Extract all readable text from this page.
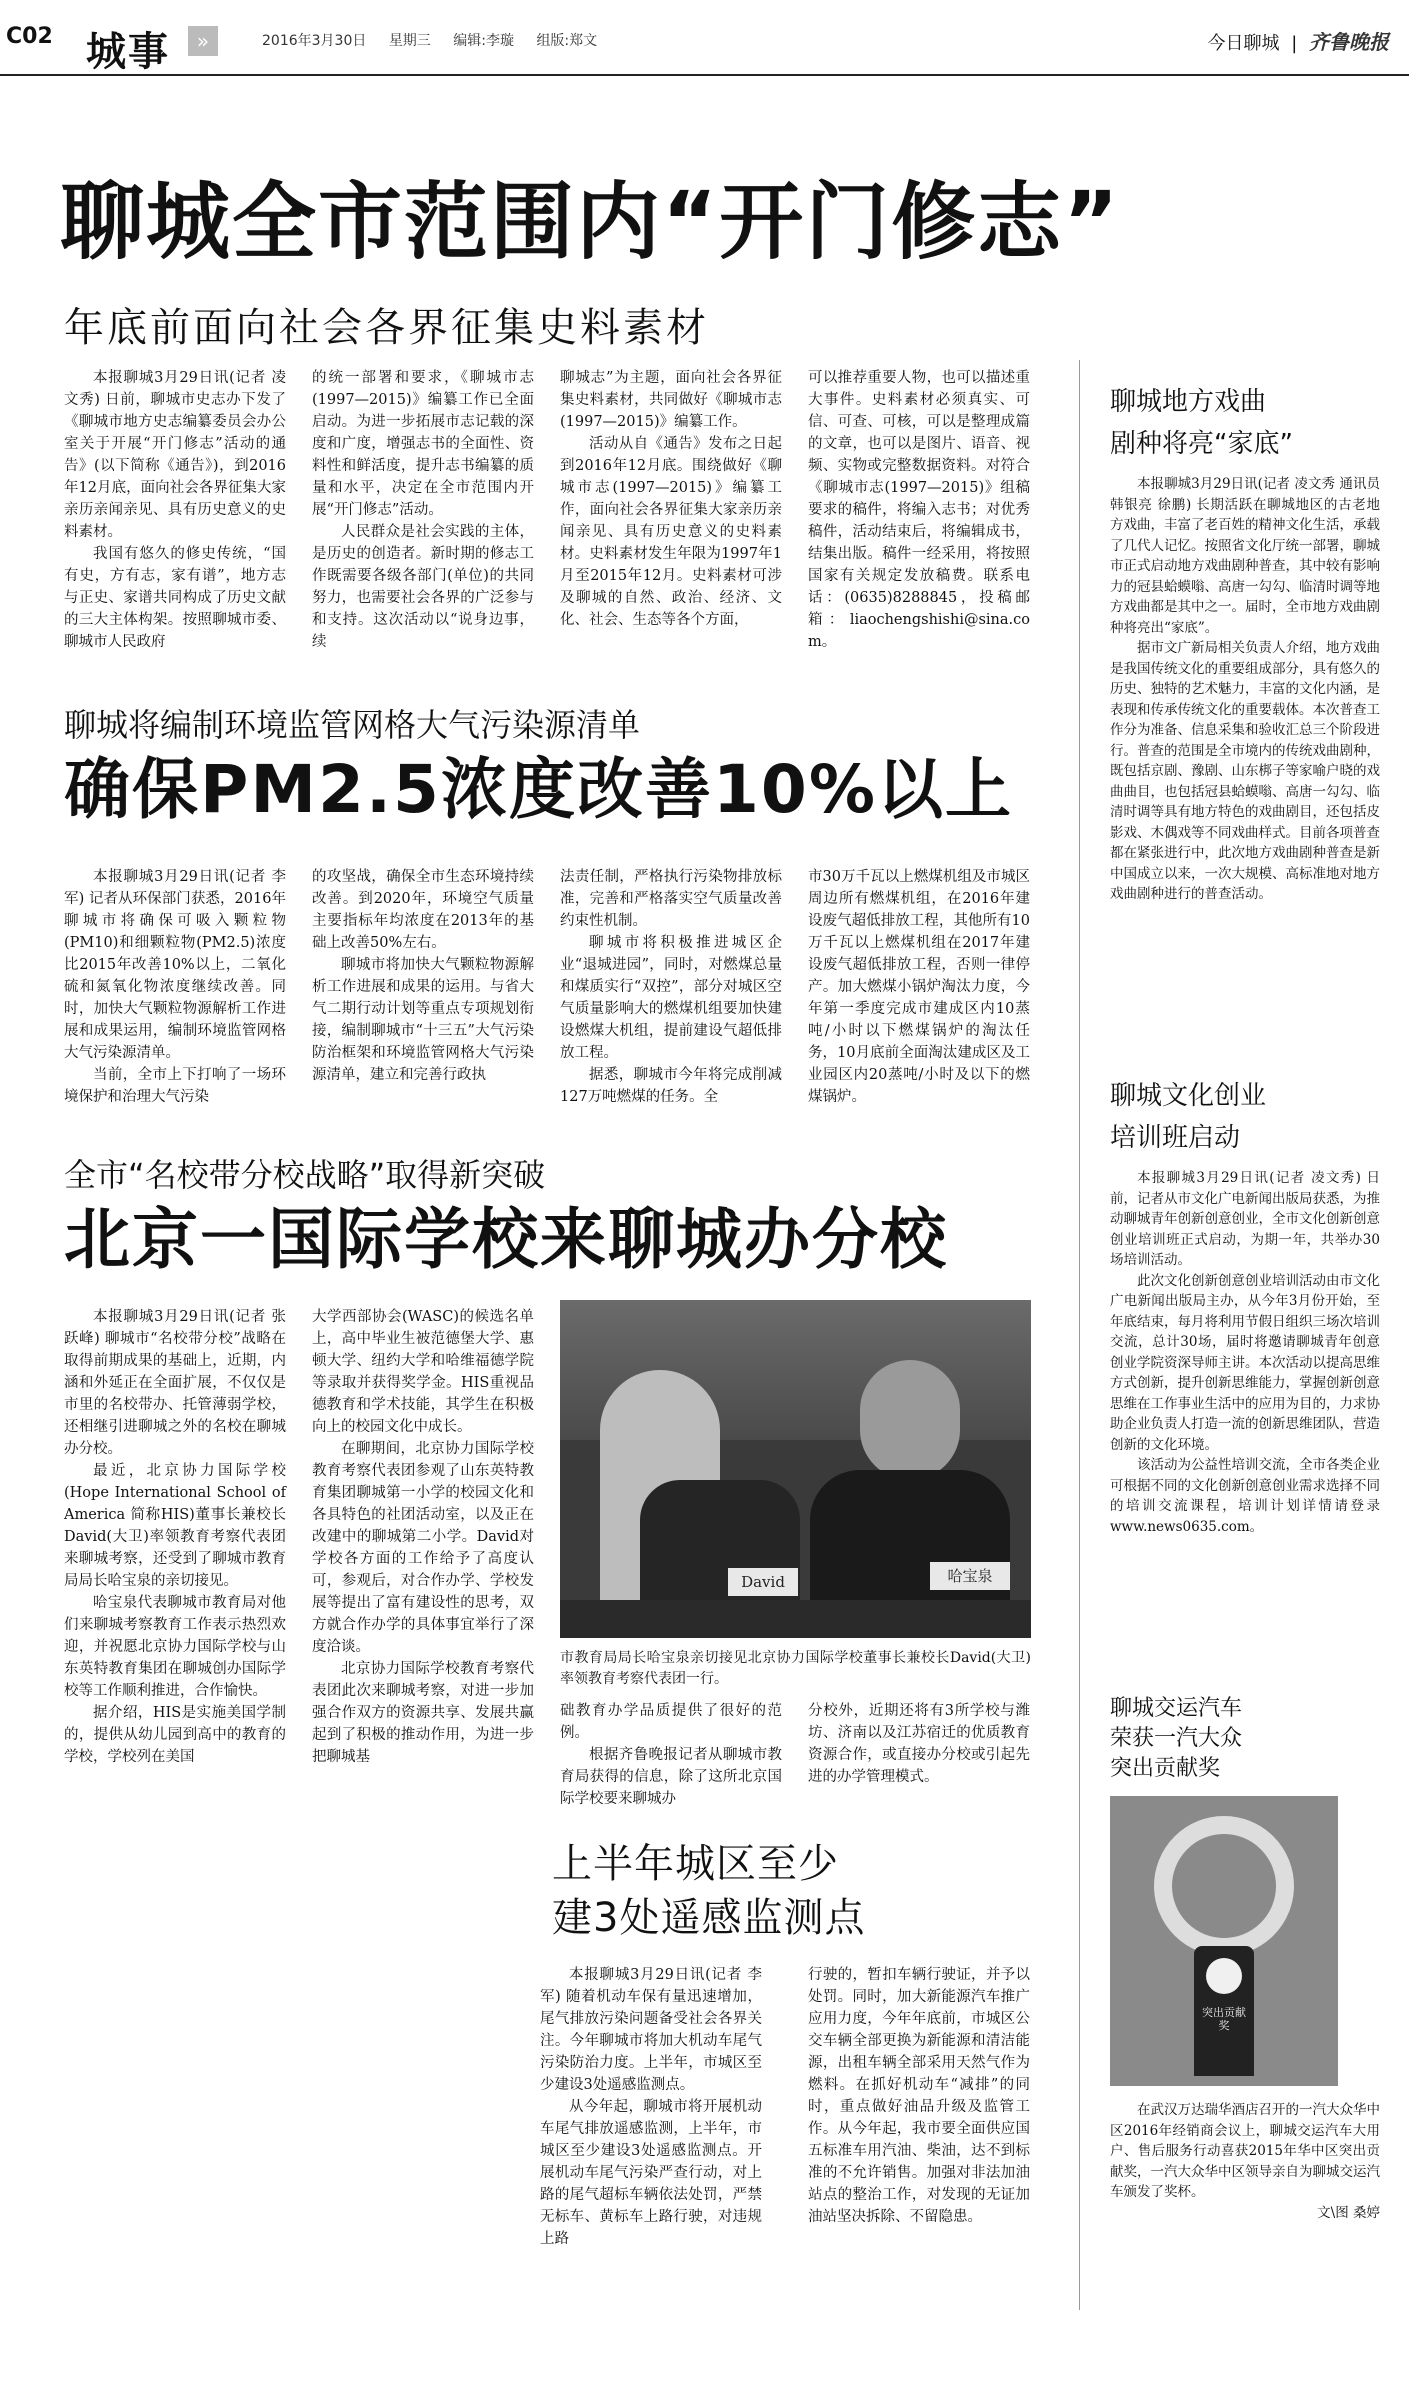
C02 城事	»	2016年3月30日 星期三 编辑:李璇 组版:郑文	今日聊城 | 齐鲁晚报
聊城全市范围内“开门修志”
年底前面向社会各界征集史料素材

本报聊城3月29日讯(记者 凌文秀) 日前，聊城市史志办下发了《聊城市地方史志编纂委员会办公室关于开展“开门修志”活动的通告》(以下简称《通告》)，到2016年12月底，面向社会各界征集大家亲历亲闻亲见、具有历史意义的史料素材。

我国有悠久的修史传统，“国有史，方有志，家有谱”，地方志与正史、家谱共同构成了历史文献的三大主体构架。按照聊城市委、聊城市人民政府

的统一部署和要求，《聊城市志(1997—2015)》编纂工作已全面启动。为进一步拓展市志记载的深度和广度，增强志书的全面性、资料性和鲜活度，提升志书编纂的质量和水平，决定在全市范围内开展“开门修志”活动。

人民群众是社会实践的主体，是历史的创造者。新时期的修志工作既需要各级各部门(单位)的共同努力，也需要社会各界的广泛参与和支持。这次活动以“说身边事，续

聊城志”为主题，面向社会各界征集史料素材，共同做好《聊城市志(1997—2015)》编纂工作。

活动从自《通告》发布之日起到2016年12月底。围绕做好《聊城市志(1997—2015)》编纂工作，面向社会各界征集大家亲历亲闻亲见、具有历史意义的史料素材。史料素材发生年限为1997年1月至2015年12月。史料素材可涉及聊城的自然、政治、经济、文化、社会、生态等各个方面，

可以推荐重要人物，也可以描述重大事件。史料素材必须真实、可信、可查、可核，可以是整理成篇的文章，也可以是图片、语音、视频、实物或完整数据资料。对符合《聊城市志(1997—2015)》组稿要求的稿件，将编入志书；对优秀稿件，活动结束后，将编辑成书，结集出版。稿件一经采用，将按照国家有关规定发放稿费。联系电话：(0635)8288845，投稿邮箱：liaochengshishi@sina.com。

聊城将编制环境监管网格大气污染源清单
确保PM2.5浓度改善10%以上

本报聊城3月29日讯(记者 李军) 记者从环保部门获悉，2016年聊城市将确保可吸入颗粒物(PM10)和细颗粒物(PM2.5)浓度比2015年改善10%以上，二氧化硫和氮氧化物浓度继续改善。同时，加快大气颗粒物源解析工作进展和成果运用，编制环境监管网格大气污染源清单。

当前，全市上下打响了一场环境保护和治理大气污染

的攻坚战，确保全市生态环境持续改善。到2020年，环境空气质量主要指标年均浓度在2013年的基础上改善50%左右。

聊城市将加快大气颗粒物源解析工作进展和成果的运用。与省大气二期行动计划等重点专项规划衔接，编制聊城市“十三五”大气污染防治框架和环境监管网格大气污染源清单，建立和完善行政执

法责任制，严格执行污染物排放标准，完善和严格落实空气质量改善约束性机制。

聊城市将积极推进城区企业“退城进园”，同时，对燃煤总量和煤质实行“双控”，部分对城区空气质量影响大的燃煤机组要加快建设燃煤大机组，提前建设气超低排放工程。

据悉，聊城市今年将完成削减127万吨燃煤的任务。全

市30万千瓦以上燃煤机组及市城区周边所有燃煤机组，在2016年建设废气超低排放工程，其他所有10万千瓦以上燃煤机组在2017年建设废气超低排放工程，否则一律停产。加大燃煤小锅炉淘汰力度，今年第一季度完成市建成区内10蒸吨/小时以下燃煤锅炉的淘汰任务，10月底前全面淘汰建成区及工业园区内20蒸吨/小时及以下的燃煤锅炉。

全市“名校带分校战略”取得新突破
北京一国际学校来聊城办分校

本报聊城3月29日讯(记者 张跃峰) 聊城市“名校带分校”战略在取得前期成果的基础上，近期，内涵和外延正在全面扩展，不仅仅是市里的名校带办、托管薄弱学校，还相继引进聊城之外的名校在聊城办分校。

最近，北京协力国际学校(Hope International School of America 简称HIS)董事长兼校长David(大卫)率领教育考察代表团来聊城考察，还受到了聊城市教育局局长哈宝泉的亲切接见。

哈宝泉代表聊城市教育局对他们来聊城考察教育工作表示热烈欢迎，并祝愿北京协力国际学校与山东英特教育集团在聊城创办国际学校等工作顺利推进，合作愉快。

据介绍，HIS是实施美国学制的，提供从幼儿园到高中的教育的学校，学校列在美国

大学西部协会(WASC)的候选名单上，高中毕业生被范德堡大学、惠顿大学、纽约大学和哈维福德学院等录取并获得奖学金。HIS重视品德教育和学术技能，其学生在积极向上的校园文化中成长。

在聊期间，北京协力国际学校教育考察代表团参观了山东英特教育集团聊城第一小学的校园文化和各具特色的社团活动室，以及正在改建中的聊城第二小学。David对学校各方面的工作给予了高度认可，参观后，对合作办学、学校发展等提出了富有建设性的思考，双方就合作办学的具体事宜举行了深度洽谈。

北京协力国际学校教育考察代表团此次来聊城考察，对进一步加强合作双方的资源共享、发展共赢起到了积极的推动作用，为进一步把聊城基

David	哈宝泉
市教育局局长哈宝泉亲切接见北京协力国际学校董事长兼校长David(大卫)率领教育考察代表团一行。

础教育办学品质提供了很好的范例。

根据齐鲁晚报记者从聊城市教育局获得的信息，除了这所北京国际学校要来聊城办

分校外，近期还将有3所学校与潍坊、济南以及江苏宿迁的优质教育资源合作，或直接办分校或引起先进的办学管理模式。

上半年城区至少
建3处遥感监测点

本报聊城3月29日讯(记者 李军) 随着机动车保有量迅速增加，尾气排放污染问题备受社会各界关注。今年聊城市将加大机动车尾气污染防治力度。上半年，市城区至少建设3处遥感监测点。

从今年起，聊城市将开展机动车尾气排放遥感监测，上半年，市城区至少建设3处遥感监测点。开展机动车尾气污染严查行动，对上路的尾气超标车辆依法处罚，严禁无标车、黄标车上路行驶，对违规上路

行驶的，暂扣车辆行驶证，并予以处罚。同时，加大新能源汽车推广应用力度，今年年底前，市城区公交车辆全部更换为新能源和清洁能源，出租车辆全部采用天然气作为燃料。在抓好机动车“减排”的同时，重点做好油品升级及监管工作。从今年起，我市要全面供应国五标准车用汽油、柴油，达不到标准的不允许销售。加强对非法加油站点的整治工作，对发现的无证加油站坚决拆除、不留隐患。

聊城地方戏曲
剧种将亮“家底”

本报聊城3月29日讯(记者 凌文秀 通讯员 韩银亮 徐鹏) 长期活跃在聊城地区的古老地方戏曲，丰富了老百姓的精神文化生活，承载了几代人记忆。按照省文化厅统一部署，聊城市正式启动地方戏曲剧种普查，其中较有影响力的冠县蛤蟆嗡、高唐一勾勾、临清时调等地方戏曲都是其中之一。届时，全市地方戏曲剧种将亮出“家底”。

据市文广新局相关负责人介绍，地方戏曲是我国传统文化的重要组成部分，具有悠久的历史、独特的艺术魅力，丰富的文化内涵，是表现和传承传统文化的重要载体。本次普查工作分为准备、信息采集和验收汇总三个阶段进行。普查的范围是全市境内的传统戏曲剧种，既包括京剧、豫剧、山东梆子等家喻户晓的戏曲曲目，也包括冠县蛤蟆嗡、高唐一勾勾、临清时调等具有地方特色的戏曲剧目，还包括皮影戏、木偶戏等不同戏曲样式。目前各项普查都在紧张进行中，此次地方戏曲剧种普查是新中国成立以来，一次大规模、高标准地对地方戏曲剧种进行的普查活动。

聊城文化创业
培训班启动

本报聊城3月29日讯(记者 凌文秀) 日前，记者从市文化广电新闻出版局获悉，为推动聊城青年创新创意创业，全市文化创新创意创业培训班正式启动，为期一年，共举办30场培训活动。

此次文化创新创意创业培训活动由市文化广电新闻出版局主办，从今年3月份开始，至年底结束，每月将利用节假日组织三场次培训交流，总计30场，届时将邀请聊城青年创意创业学院资深导师主讲。本次活动以提高思维方式创新，提升创新思维能力，掌握创新创意思维在工作事业生活中的应用为目的，力求协助企业负责人打造一流的创新思维团队，营造创新的文化环境。

该活动为公益性培训交流，全市各类企业可根据不同的文化创新创意创业需求选择不同的培训交流课程，培训计划详情请登录www.news0635.com。

聊城交运汽车
荣获一汽大众
突出贡献奖
突出贡献奖

在武汉万达瑞华酒店召开的一汽大众华中区2016年经销商会议上，聊城交运汽车大用户、售后服务行动喜获2015年华中区突出贡献奖，一汽大众华中区领导亲自为聊城交运汽车颁发了奖杯。

文\图 桑婷
